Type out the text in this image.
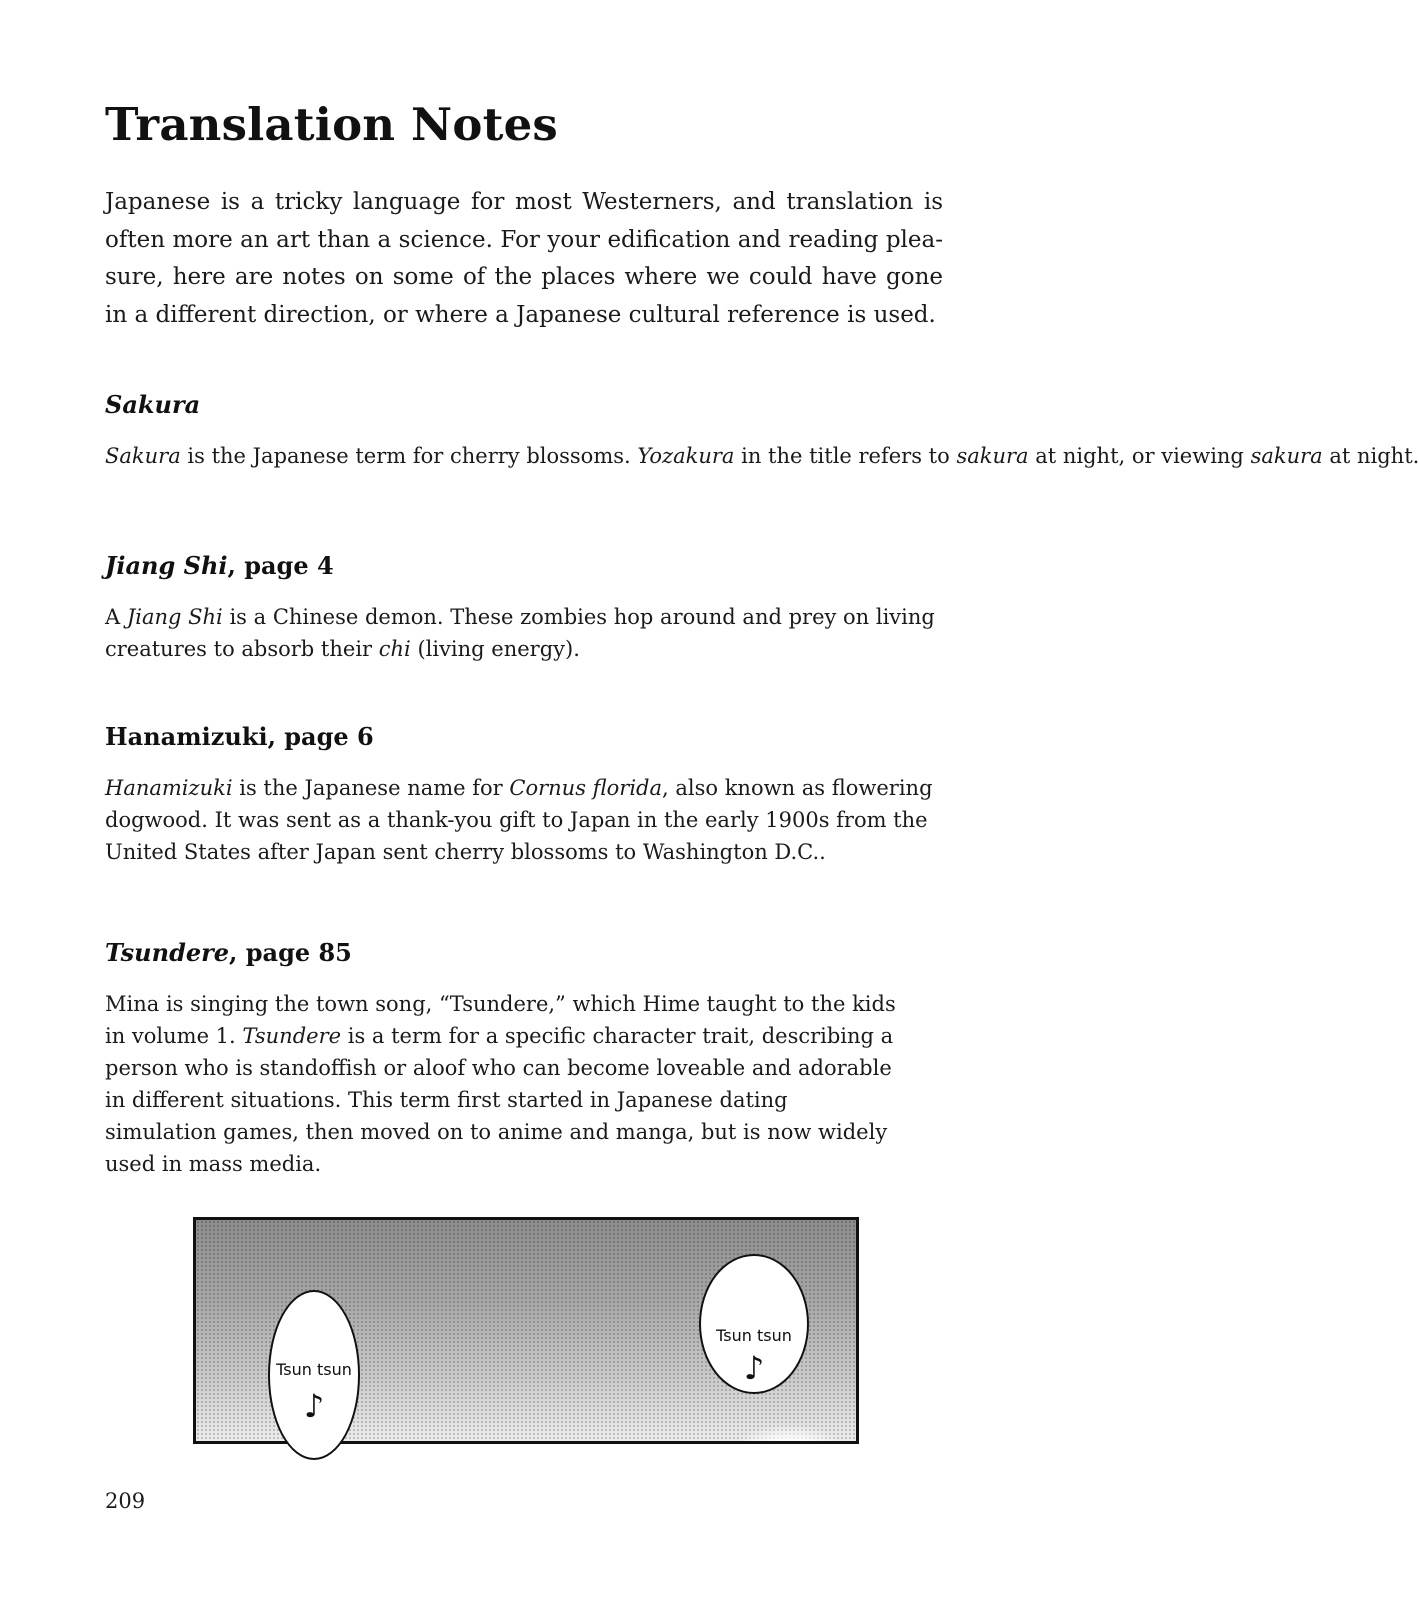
Translation Notes

Japanese is a tricky language for most Westerners, and translation is often more an art than a science. For your edification and reading plea-sure, here are notes on some of the places where we could have gone in a different direction, or where a Japanese cultural reference is used.

Sakura

Sakura is the Japanese term for cherry blossoms. Yozakura in the title refers to sakura at night, or viewing sakura at night.

Jiang Shi, page 4

A Jiang Shi is a Chinese demon. These zombies hop around and prey on living creatures to absorb their chi (living energy).

Hanamizuki, page 6

Hanamizuki is the Japanese name for Cornus florida, also known as flowering dogwood. It was sent as a thank-you gift to Japan in the early 1900s from the United States after Japan sent cherry blossoms to Washington D.C..

Tsundere, page 85

Mina is singing the town song, “Tsundere,” which Hime taught to the kids in volume 1. Tsundere is a term for a specific character trait, describing a person who is standoffish or aloof who can become loveable and adorable in different situations. This term first started in Japanese dating simulation games, then moved on to anime and manga, but is now widely used in mass media.

Tsun tsun
♪
Tsun tsun
♪
209
